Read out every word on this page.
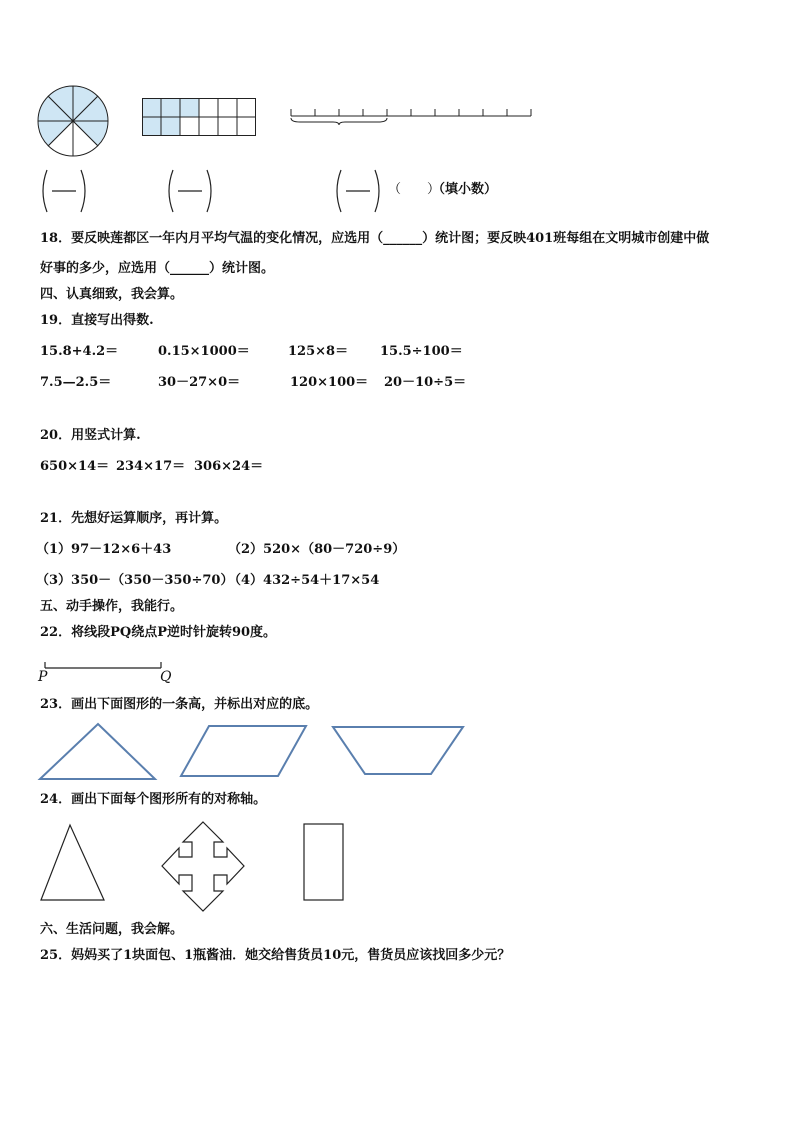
（　　）
（填小数）
18．要反映莲都区一年内月平均气温的变化情况，应选用（______）统计图；要反映401班每组在文明城市创建中做
好事的多少，应选用（______）统计图。
四、认真细致，我会算。
19．直接写出得数.
15.8+4.2＝	0.15×1000＝	125×8＝ 15.5÷100＝
7.5—2.5＝	30－27×0＝	120×100＝ 20－10÷5＝
20．用竖式计算.
650×14＝ 234×17＝ 306×24＝
21．先想好运算顺序，再计算。
（1）97－12×6＋43	（2）520×（80－720÷9）
（3）350－（350－350÷70）
（4）432÷54＋17×54
五、动手操作，我能行。
22．将线段PQ绕点P逆时针旋转90度。
P	Q
23．画出下面图形的一条高，并标出对应的底。
24．画出下面每个图形所有的对称轴。
六、生活问题，我会解。
25．妈妈买了1块面包、1瓶酱油．她交给售货员10元，售货员应该找回多少元？
